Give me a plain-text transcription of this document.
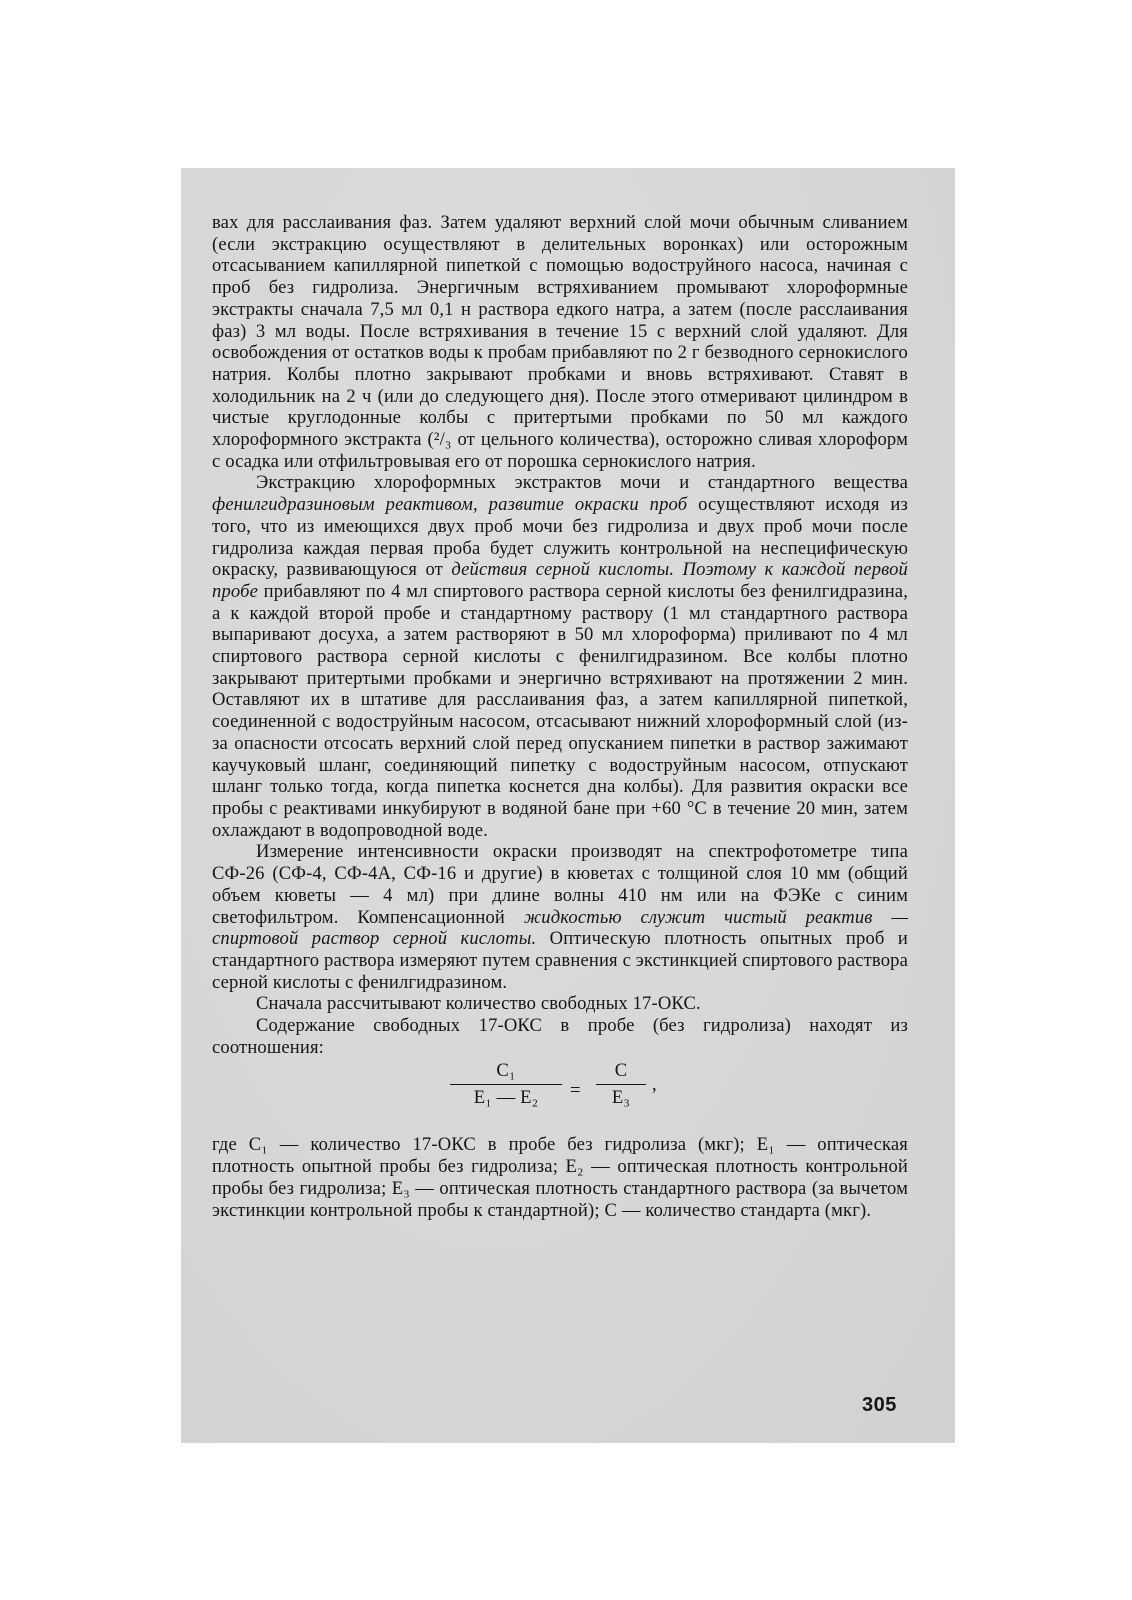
вах для расслаивания фаз. Затем удаляют верхний слой мочи обычным сливанием (если экстракцию осуществляют в делительных воронках) или осторожным отсасыванием капиллярной пипеткой с помощью водоструйного насоса, начиная с проб без гидролиза. Энергичным встряхиванием промывают хлороформные экстракты сначала 7,5 мл 0,1 н раствора едкого натра, а затем (после расслаивания фаз) 3 мл воды. После встряхивания в течение 15 с верхний слой удаляют. Для освобождения от остатков воды к пробам прибавляют по 2 г безводного сернокислого натрия. Колбы плотно закрывают пробками и вновь встряхивают. Ставят в холодильник на 2 ч (или до следующего дня). После этого отмеривают цилиндром в чистые круглодонные колбы с притертыми пробками по 50 мл каждого хлороформного экстракта (²/₃ от цельного количества), осторожно сливая хлороформ с осадка или отфильтровывая его от порошка сернокислого натрия.

Экстракцию хлороформных экстрактов мочи и стандартного вещества фенилгидразиновым реактивом, развитие окраски проб осуществляют исходя из того, что из имеющихся двух проб мочи без гидролиза и двух проб мочи после гидролиза каждая первая проба будет служить контрольной на неспецифическую окраску, развивающуюся от действия серной кислоты. Поэтому к каждой первой пробе прибавляют по 4 мл спиртового раствора серной кислоты без фенилгидразина, а к каждой второй пробе и стандартному раствору (1 мл стандартного раствора выпаривают досуха, а затем растворяют в 50 мл хлороформа) приливают по 4 мл спиртового раствора серной кислоты с фенилгидразином. Все колбы плотно закрывают притертыми пробками и энергично встряхивают на протяжении 2 мин. Оставляют их в штативе для расслаивания фаз, а затем капиллярной пипеткой, соединенной с водоструйным насосом, отсасывают нижний хлороформный слой (из-за опасности отсосать верхний слой перед опусканием пипетки в раствор зажимают каучуковый шланг, соединяющий пипетку с водоструйным насосом, отпускают шланг только тогда, когда пипетка коснется дна колбы). Для развития окраски все пробы с реактивами инкубируют в водяной бане при +60 °С в течение 20 мин, затем охлаждают в водопроводной воде.

Измерение интенсивности окраски производят на спектрофотометре типа СФ-26 (СФ-4, СФ-4А, СФ-16 и другие) в кюветах с толщиной слоя 10 мм (общий объем кюветы — 4 мл) при длине волны 410 нм или на ФЭКе с синим светофильтром. Компенсационной жидкостью служит чистый реактив — спиртовой раствор серной кислоты. Оптическую плотность опытных проб и стандартного раствора измеряют путем сравнения с экстинкцией спиртового раствора серной кислоты с фенилгидразином.

Сначала рассчитывают количество свободных 17-ОКС.

Содержание свободных 17-ОКС в пробе (без гидролиза) находят из соотношения:

$\frac{\text{C₁}}{\text{E₁ — E₂}} = \frac{C}{\text{E₃}}$ ,

где C₁ — количество 17-ОКС в пробе без гидролиза (мкг); E₁ — оптическая плотность опытной пробы без гидролиза; E₂ — оптическая плотность контрольной пробы без гидролиза; E₃ — оптическая плотность стандартного раствора (за вычетом экстинкции контрольной пробы к стандартной); C — количество стандарта (мкг).

305
